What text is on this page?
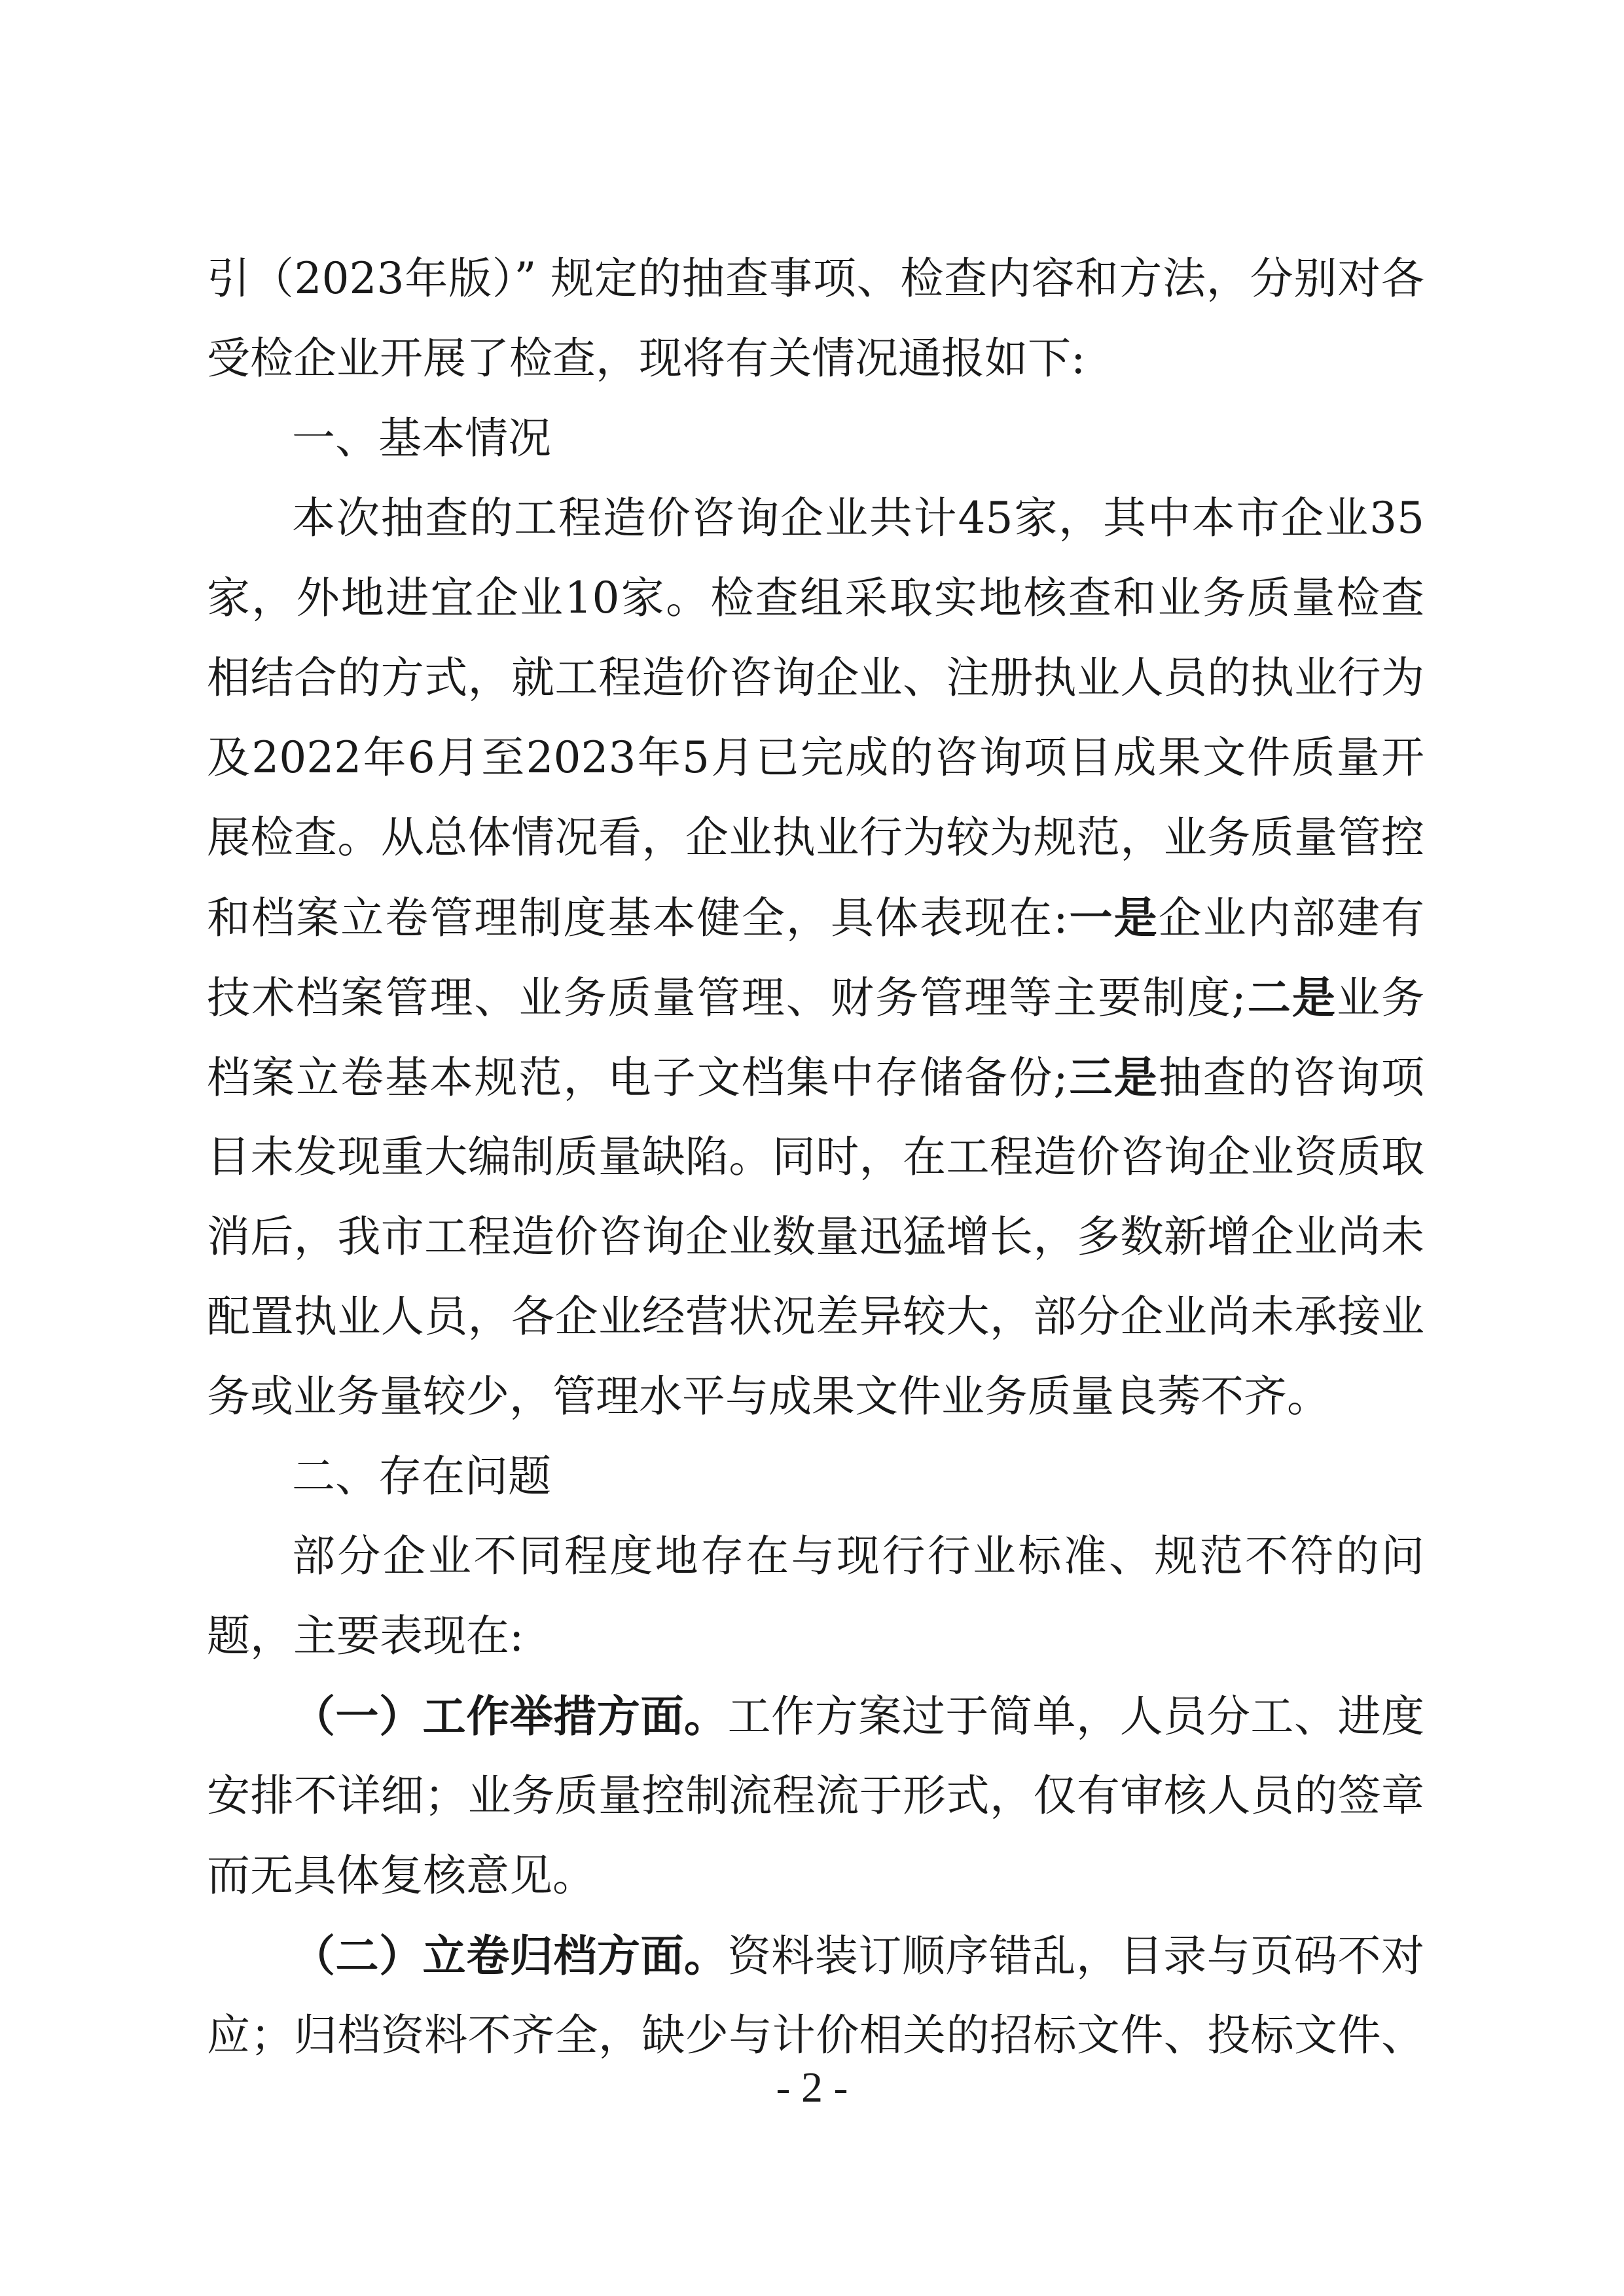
引（2023年版）” 规定的抽查事项、检查内容和方法，分别对各
受检企业开展了检查，现将有关情况通报如下:
一、基本情况
本次抽查的工程造价咨询企业共计45家，其中本市企业35
家，外地进宜企业10家。检查组采取实地核查和业务质量检查
相结合的方式，就工程造价咨询企业、注册执业人员的执业行为
及2022年6月至2023年5月已完成的咨询项目成果文件质量开
展检查。从总体情况看，企业执业行为较为规范，业务质量管控
和档案立卷管理制度基本健全，具体表现在:一是企业内部建有
技术档案管理、业务质量管理、财务管理等主要制度;二是业务
档案立卷基本规范，电子文档集中存储备份;三是抽查的咨询项
目未发现重大编制质量缺陷。同时，在工程造价咨询企业资质取
消后，我市工程造价咨询企业数量迅猛增长，多数新增企业尚未
配置执业人员，各企业经营状况差异较大，部分企业尚未承接业
务或业务量较少，管理水平与成果文件业务质量良莠不齐。
二、存在问题
部分企业不同程度地存在与现行行业标准、规范不符的问
题，主要表现在:
（一）工作举措方面。工作方案过于简单，人员分工、进度
安排不详细；业务质量控制流程流于形式，仅有审核人员的签章
而无具体复核意见。
（二）立卷归档方面。资料装订顺序错乱，目录与页码不对
应；归档资料不齐全，缺少与计价相关的招标文件、投标文件、
- 2 -
